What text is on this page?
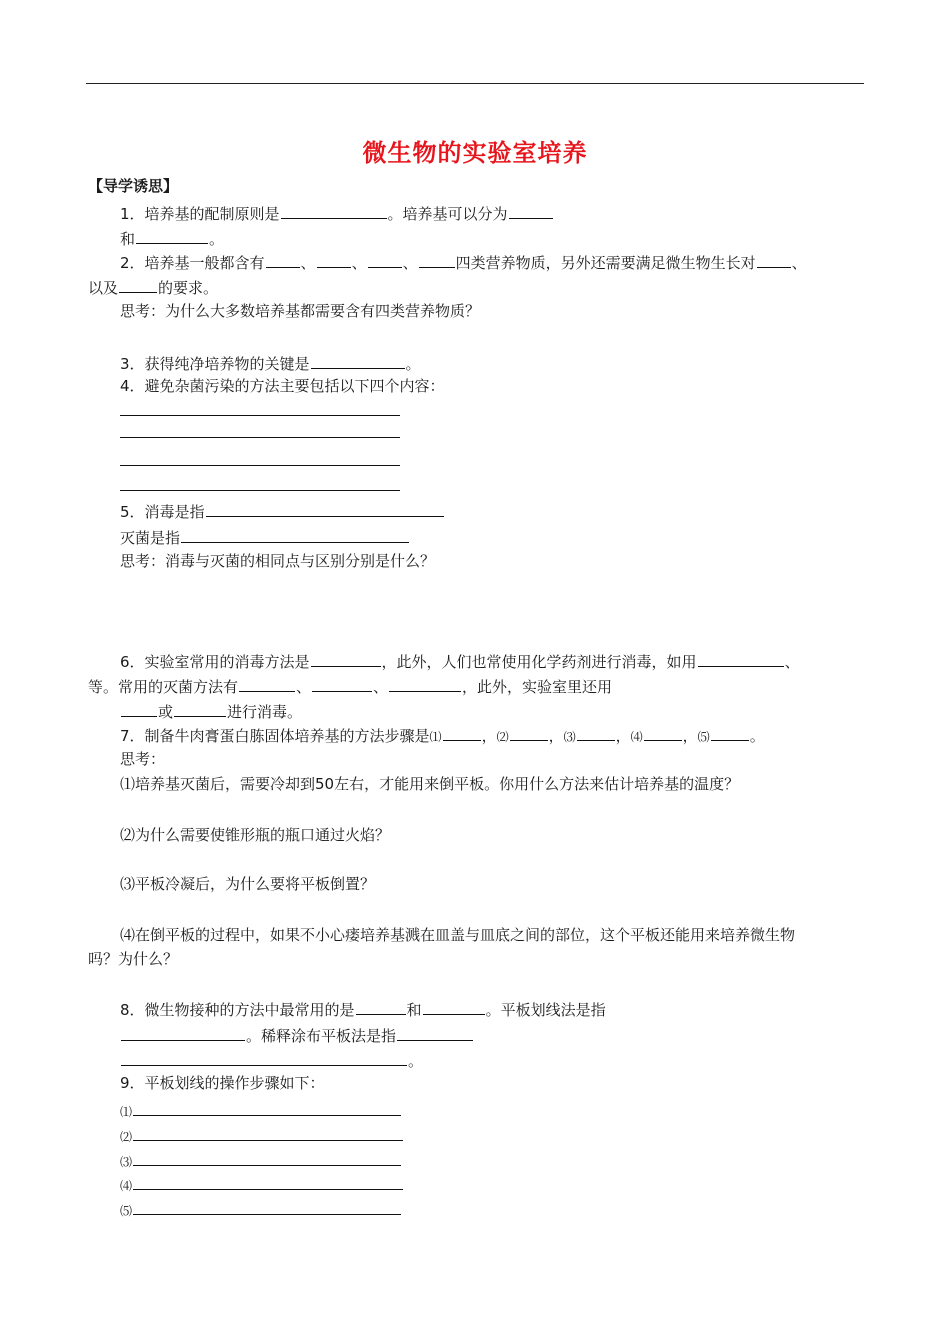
微生物的实验室培养
【导学诱思】
1．培养基的配制原则是	。培养基可以分为
和	。
2．培养基一般都含有 、 、 、	四类营养物质，另外还需要满足微生物生长对 、
以及	的要求。
思考：为什么大多数培养基都需要含有四类营养物质？
3．获得纯净培养物的关键是	。
4．避免杂菌污染的方法主要包括以下四个内容：
5．消毒是指
灭菌是指
思考：消毒与灭菌的相同点与区别分别是什么？
6．实验室常用的消毒方法是	，此外，人们也常使用化学药剂进行消毒，如用	、
等。常用的灭菌方法有	、	、	，此外，实验室里还用
或	进行消毒。
7．制备牛肉膏蛋白胨固体培养基的方法步骤是⑴	，⑵	，⑶	，⑷	，⑸	。
思考：
⑴培养基灭菌后，需要冷却到50左右，才能用来倒平板。你用什么方法来估计培养基的温度？
⑵为什么需要使锥形瓶的瓶口通过火焰？
⑶平板冷凝后，为什么要将平板倒置？
⑷在倒平板的过程中，如果不小心瘘培养基溅在皿盖与皿底之间的部位，这个平板还能用来培养微生物
吗？为什么？
8．微生物接种的方法中最常用的是	和	。平板划线法是指
。稀释涂布平板法是指
。
9．平板划线的操作步骤如下：
⑴
⑵
⑶
⑷
⑸
